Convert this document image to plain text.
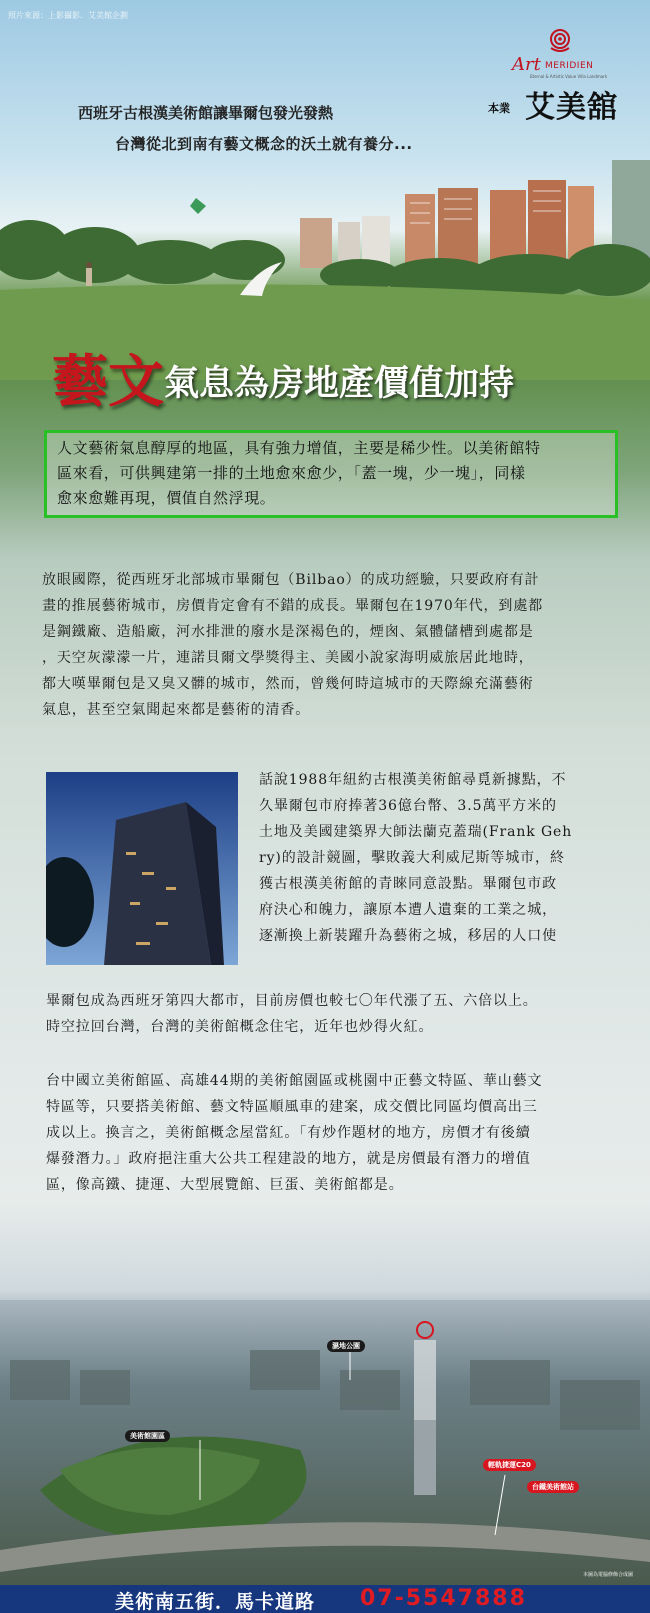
照片來源：上影攝影．艾美館企劃
Art MERIDIEN
Eternal & Artistic Value Villa Landmark
本業 艾美舘
西班牙古根漢美術館讓畢爾包發光發熱
台灣從北到南有藝文概念的沃土就有養分...
藝文氣息為房地產價值加持

人文藝術氣息醇厚的地區，具有強力增值，主要是稀少性。以美術館特

區來看，可供興建第一排的土地愈來愈少，「蓋一塊，少一塊」，同樣

愈來愈難再現，價值自然浮現。

放眼國際，從西班牙北部城市畢爾包（Bilbao）的成功經驗，只要政府有計
畫的推展藝術城市，房價肯定會有不錯的成長。畢爾包在1970年代，到處都
是鋼鐵廠、造船廠，河水排泄的廢水是深褐色的，煙囪、氣體儲槽到處都是
，天空灰濛濛一片，連諾貝爾文學獎得主、美國小說家海明威旅居此地時，
都大嘆畢爾包是又臭又髒的城市，然而，曾幾何時這城市的天際線充滿藝術
氣息，甚至空氣聞起來都是藝術的清香。
話說1988年紐約古根漢美術館尋覓新據點，不
久畢爾包市府捧著36億台幣、3.5萬平方米的
土地及美國建築界大師法蘭克蓋瑞(Frank Geh
ry)的設計競圖，擊敗義大利威尼斯等城市，終
獲古根漢美術館的青睞同意設點。畢爾包市政
府決心和魄力，讓原本遭人遺棄的工業之城，
逐漸換上新裝躍升為藝術之城，移居的人口使
畢爾包成為西班牙第四大都市，目前房價也較七〇年代漲了五、六倍以上。
時空拉回台灣，台灣的美術館概念住宅，近年也炒得火紅。
台中國立美術館區、高雄44期的美術館園區或桃園中正藝文特區、華山藝文
特區等，只要搭美術館、藝文特區順風車的建案，成交價比同區均價高出三
成以上。換言之，美術館概念屋當紅。「有炒作題材的地方，房價才有後續
爆發潛力。」政府挹注重大公共工程建設的地方，就是房價最有潛力的增值
區，像高鐵、捷運、大型展覽館、巨蛋、美術館都是。
美術館園區
濕地公園
輕軌捷運C20
台鐵美術館站
本圖為電腦修飾合成圖
美術南五街．馬卡道路 07-5547888
